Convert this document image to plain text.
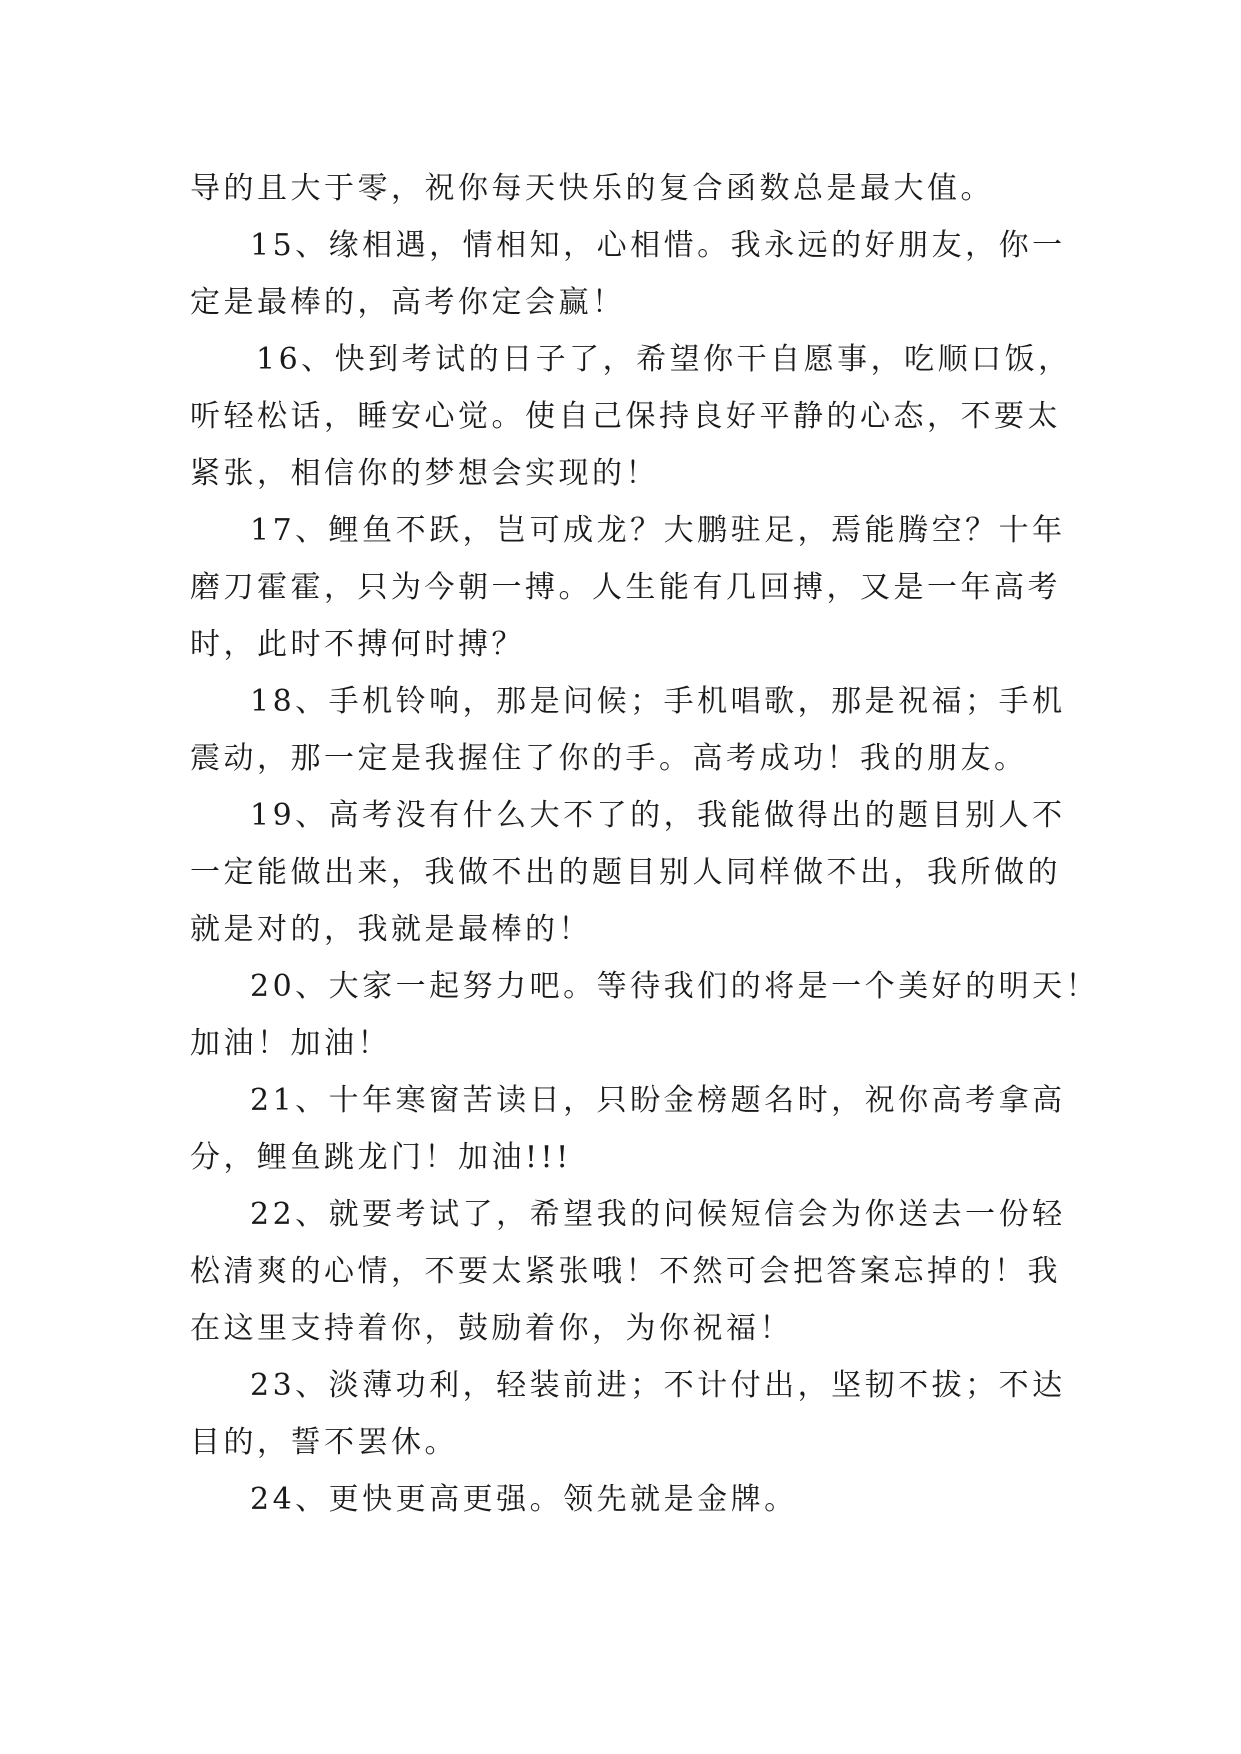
导的且大于零，祝你每天快乐的复合函数总是最大值。
15、缘相遇，情相知，心相惜。我永远的好朋友，你一
定是最棒的，高考你定会赢！
16、快到考试的日子了，希望你干自愿事，吃顺口饭，
听轻松话，睡安心觉。使自己保持良好平静的心态，不要太
紧张，相信你的梦想会实现的！
17、鲤鱼不跃，岂可成龙？大鹏驻足，焉能腾空？十年
磨刀霍霍，只为今朝一搏。人生能有几回搏，又是一年高考
时，此时不搏何时搏？
18、手机铃响，那是问候；手机唱歌，那是祝福；手机
震动，那一定是我握住了你的手。高考成功！我的朋友。
19、高考没有什么大不了的，我能做得出的题目别人不
一定能做出来，我做不出的题目别人同样做不出，我所做的
就是对的，我就是最棒的！
20、大家一起努力吧。等待我们的将是一个美好的明天！
加油！加油！
21、十年寒窗苦读日，只盼金榜题名时，祝你高考拿高
分，鲤鱼跳龙门！加油!!!
22、就要考试了，希望我的问候短信会为你送去一份轻
松清爽的心情，不要太紧张哦！不然可会把答案忘掉的！我
在这里支持着你，鼓励着你，为你祝福！
23、淡薄功利，轻装前进；不计付出，坚韧不拔；不达
目的，誓不罢休。
24、更快更高更强。领先就是金牌。
